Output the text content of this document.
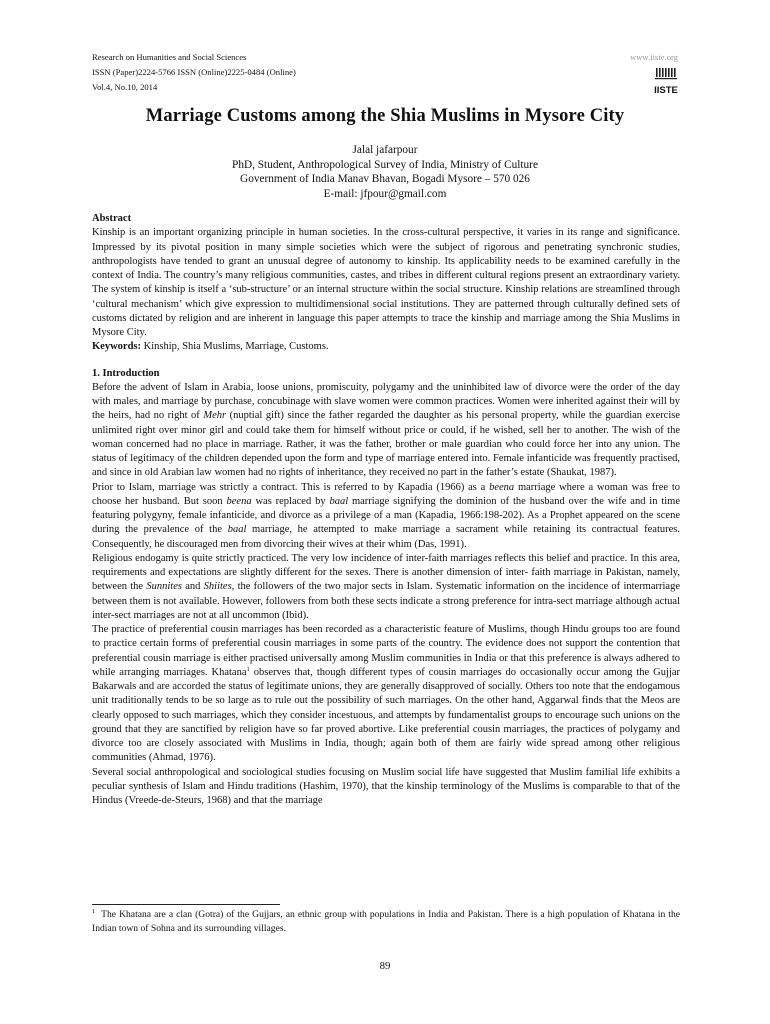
Research on Humanities and Social Sciences
ISSN (Paper)2224-5766 ISSN (Online)2225-0484 (Online)
Vol.4, No.10, 2014
www.iiste.org
IISTE
Marriage Customs among the Shia Muslims in Mysore City
Jalal jafarpour
PhD, Student, Anthropological Survey of India, Ministry of Culture
Government of India Manav Bhavan, Bogadi Mysore – 570 026
E-mail: jfpour@gmail.com
Abstract

Kinship is an important organizing principle in human societies. In the cross-cultural perspective, it varies in its range and significance. Impressed by its pivotal position in many simple societies which were the subject of rigorous and penetrating synchronic studies, anthropologists have tended to grant an unusual degree of autonomy to kinship. Its applicability needs to be examined carefully in the context of India. The country’s many religious communities, castes, and tribes in different cultural regions present an extraordinary variety. The system of kinship is itself a ‘sub-structure’ or an internal structure within the social structure. Kinship relations are streamlined through ‘cultural mechanism’ which give expression to multidimensional social institutions. They are patterned through culturally defined sets of customs dictated by religion and are inherent in language this paper attempts to trace the kinship and marriage among the Shia Muslims in Mysore City.

Keywords: Kinship, Shia Muslims, Marriage, Customs.

1. Introduction

Before the advent of Islam in Arabia, loose unions, promiscuity, polygamy and the uninhibited law of divorce were the order of the day with males, and marriage by purchase, concubinage with slave women were common practices. Women were inherited against their will by the heirs, had no right of Mehr (nuptial gift) since the father regarded the daughter as his personal property, while the guardian exercise unlimited right over minor girl and could take them for himself without price or could, if he wished, sell her to another. The wish of the woman concerned had no place in marriage. Rather, it was the father, brother or male guardian who could force her into any union. The status of legitimacy of the children depended upon the form and type of marriage entered into. Female infanticide was frequently practised, and since in old Arabian law women had no rights of inheritance, they received no part in the father’s estate (Shaukat, 1987).

Prior to Islam, marriage was strictly a contract. This is referred to by Kapadia (1966) as a beena marriage where a woman was free to choose her husband. But soon beena was replaced by baal marriage signifying the dominion of the husband over the wife and in time featuring polygyny, female infanticide, and divorce as a privilege of a man (Kapadia, 1966:198-202). As a Prophet appeared on the scene during the prevalence of the baal marriage, he attempted to make marriage a sacrament while retaining its contractual features. Consequently, he discouraged men from divorcing their wives at their whim (Das, 1991).

Religious endogamy is quite strictly practiced. The very low incidence of inter-faith marriages reflects this belief and practice. In this area, requirements and expectations are slightly different for the sexes. There is another dimension of inter- faith marriage in Pakistan, namely, between the Sunnites and Shiites, the followers of the two major sects in Islam. Systematic information on the incidence of intermarriage between them is not available. However, followers from both these sects indicate a strong preference for intra-sect marriage although actual inter-sect marriages are not at all uncommon (Ibid).

The practice of preferential cousin marriages has been recorded as a characteristic feature of Muslims, though Hindu groups too are found to practice certain forms of preferential cousin marriages in some parts of the country. The evidence does not support the contention that preferential cousin marriage is either practised universally among Muslim communities in India or that this preference is always adhered to while arranging marriages. Khatana$^1$ observes that, though different types of cousin marriages do occasionally occur among the Gujjar Bakarwals and are accorded the status of legitimate unions, they are generally disapproved of socially. Others too note that the endogamous unit traditionally tends to be so large as to rule out the possibility of such marriages. On the other hand, Aggarwal finds that the Meos are clearly opposed to such marriages, which they consider incestuous, and attempts by fundamentalist groups to encourage such unions on the ground that they are sanctified by religion have so far proved abortive. Like preferential cousin marriages, the practices of polygamy and divorce too are closely associated with Muslims in India, though; again both of them are fairly wide spread among other religious communities (Ahmad, 1976).

Several social anthropological and sociological studies focusing on Muslim social life have suggested that Muslim familial life exhibits a peculiar synthesis of Islam and Hindu traditions (Hashim, 1970), that the kinship terminology of the Muslims is comparable to that of the Hindus (Vreede-de-Steurs, 1968) and that the marriage

$^1$ The Khatana are a clan (Gotra) of the Gujjars, an ethnic group with populations in India and Pakistan. There is a high population of Khatana in the Indian town of Sohna and its surrounding villages.
89
